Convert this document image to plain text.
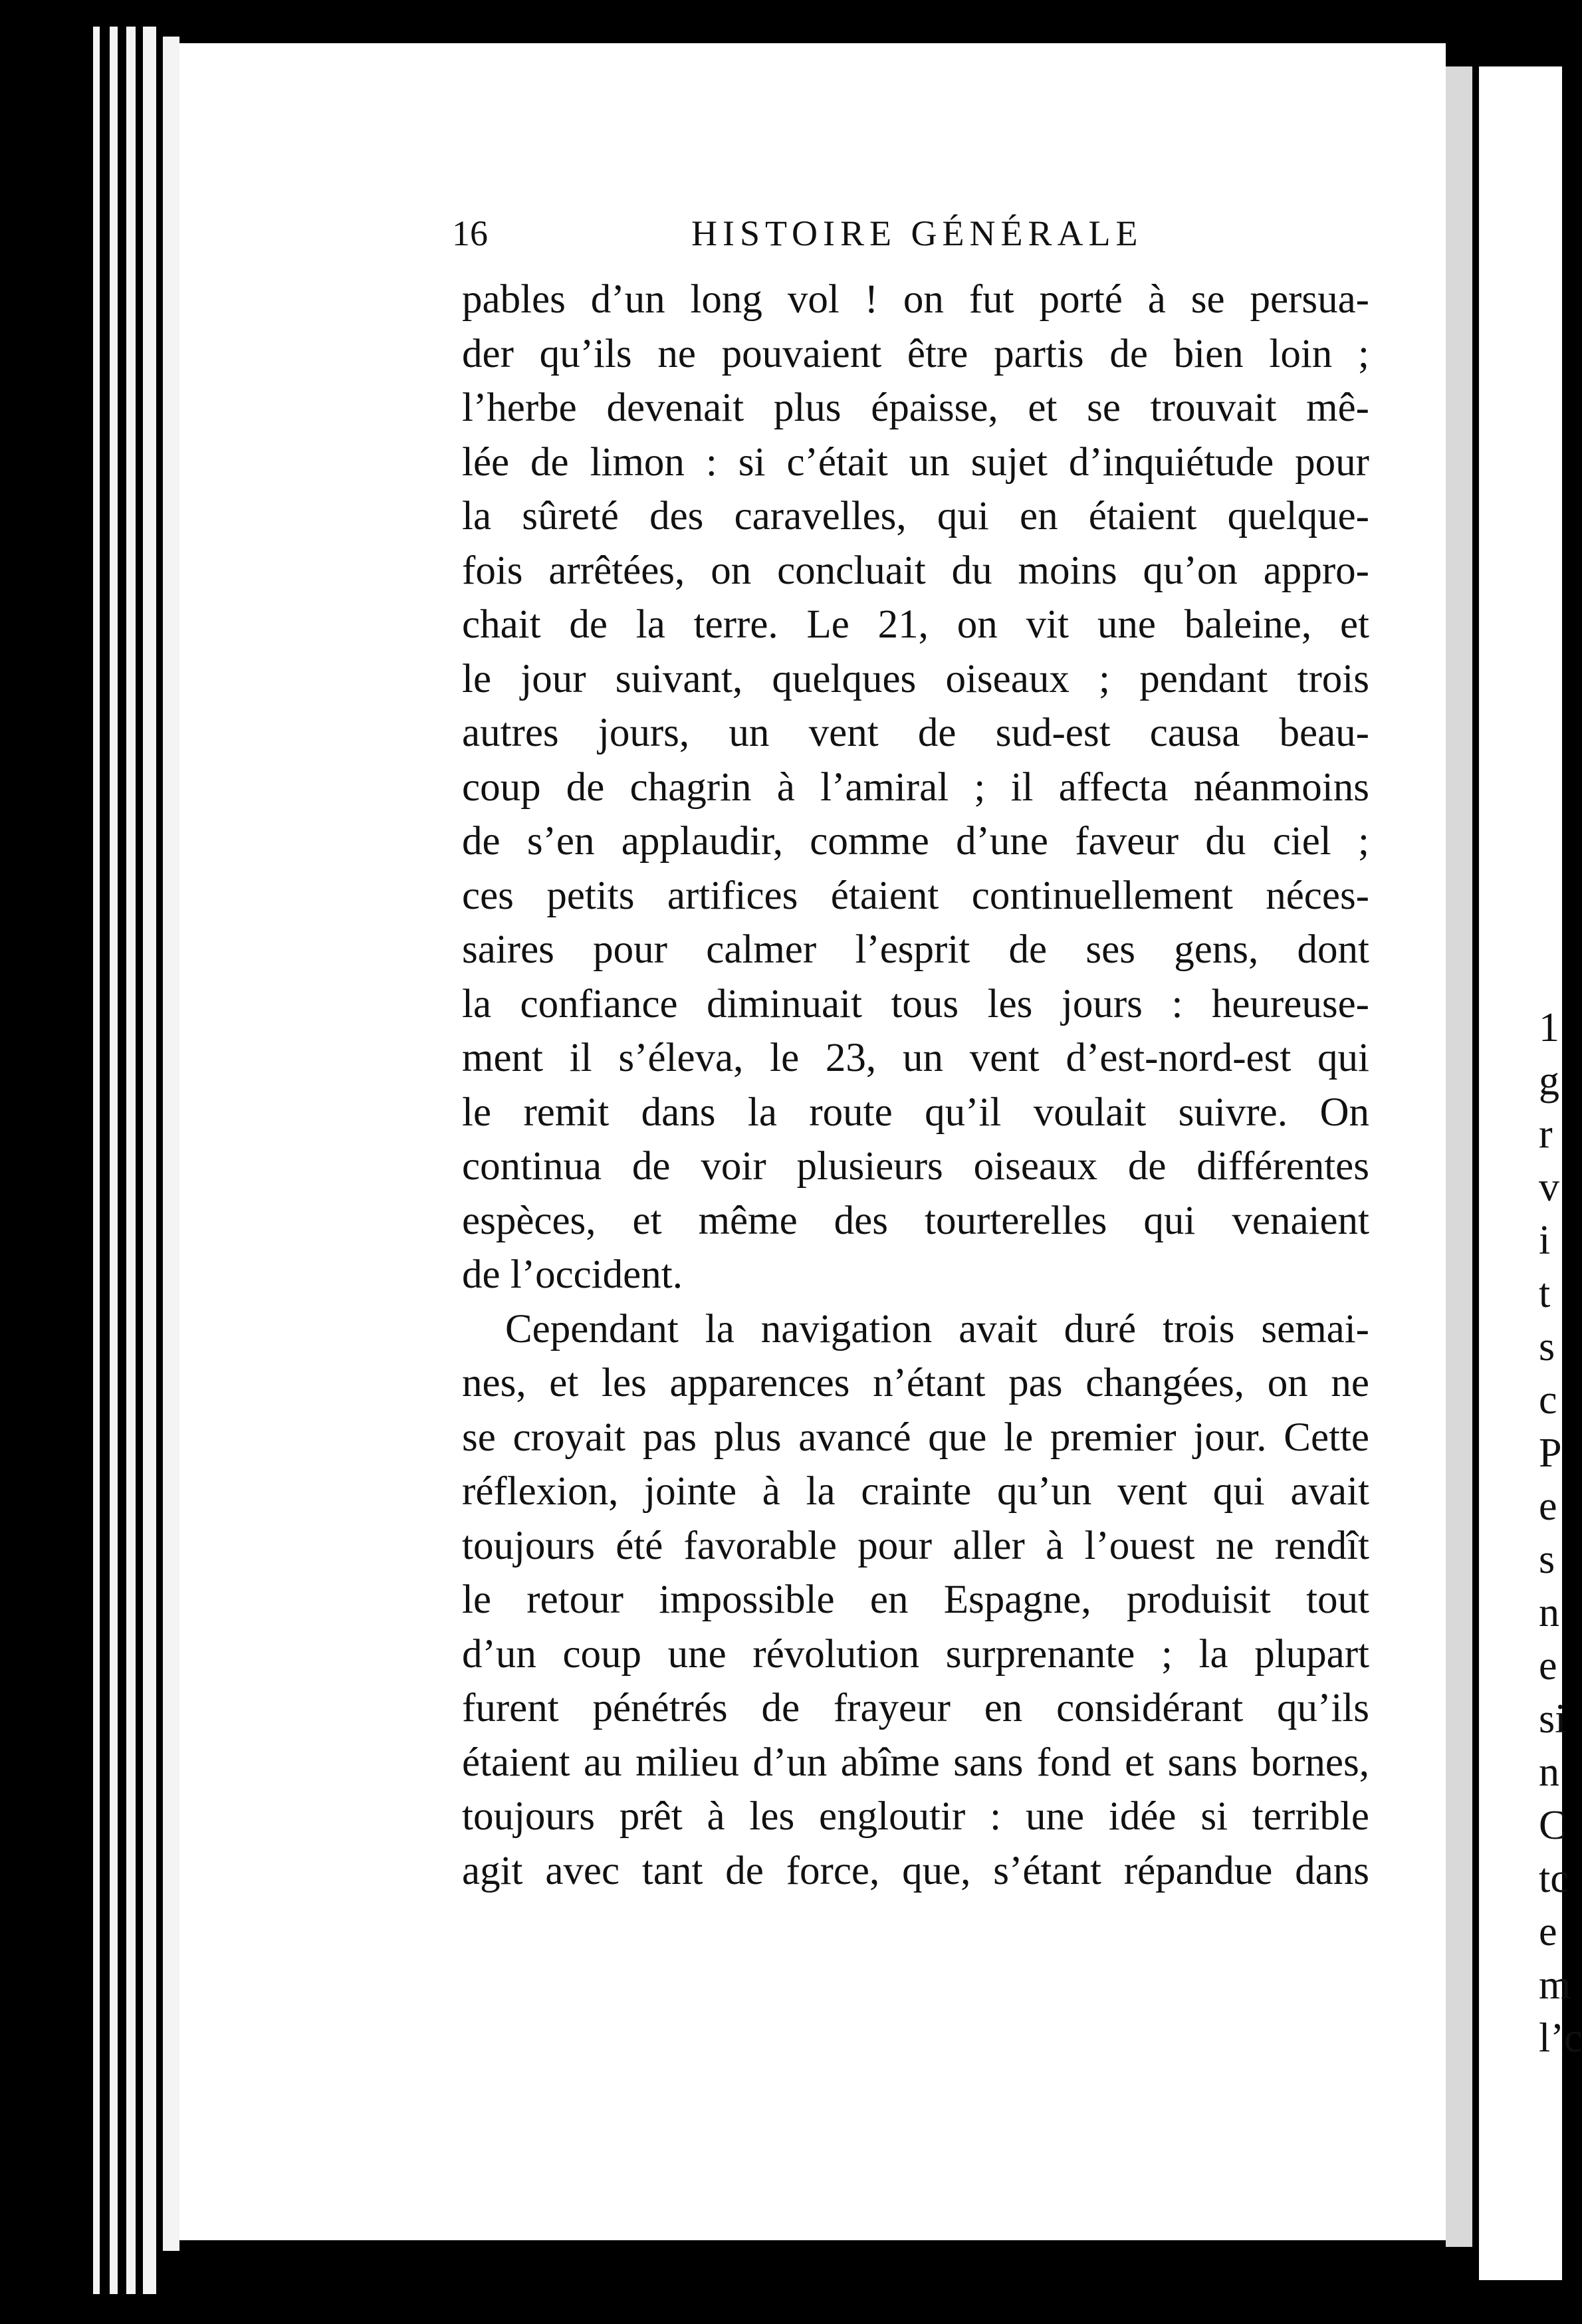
1
g
r
v
i
t
s
c
P
e
s
n
e
si
n
C
tc
e
m
l’c
16	HISTOIRE GÉNÉRALE
pables d’un long vol ! on fut porté à se persua-
der qu’ils ne pouvaient être partis de bien loin ;
l’herbe devenait plus épaisse, et se trouvait mê-
lée de limon : si c’était un sujet d’inquiétude pour
la sûreté des caravelles, qui en étaient quelque-
fois arrêtées, on concluait du moins qu’on appro-
chait de la terre. Le 21, on vit une baleine, et
le jour suivant, quelques oiseaux ; pendant trois
autres jours, un vent de sud-est causa beau-
coup de chagrin à l’amiral ; il affecta néanmoins
de s’en applaudir, comme d’une faveur du ciel ;
ces petits artifices étaient continuellement néces-
saires pour calmer l’esprit de ses gens, dont
la confiance diminuait tous les jours : heureuse-
ment il s’éleva, le 23, un vent d’est-nord-est qui
le remit dans la route qu’il voulait suivre. On
continua de voir plusieurs oiseaux de différentes
espèces, et même des tourterelles qui venaient
de l’occident.
Cependant la navigation avait duré trois semai-
nes, et les apparences n’étant pas changées, on ne
se croyait pas plus avancé que le premier jour. Cette
réflexion, jointe à la crainte qu’un vent qui avait
toujours été favorable pour aller à l’ouest ne rendît
le retour impossible en Espagne, produisit tout
d’un coup une révolution surprenante ; la plupart
furent pénétrés de frayeur en considérant qu’ils
étaient au milieu d’un abîme sans fond et sans bornes,
toujours prêt à les engloutir : une idée si terrible
agit avec tant de force, que, s’étant répandue dans
